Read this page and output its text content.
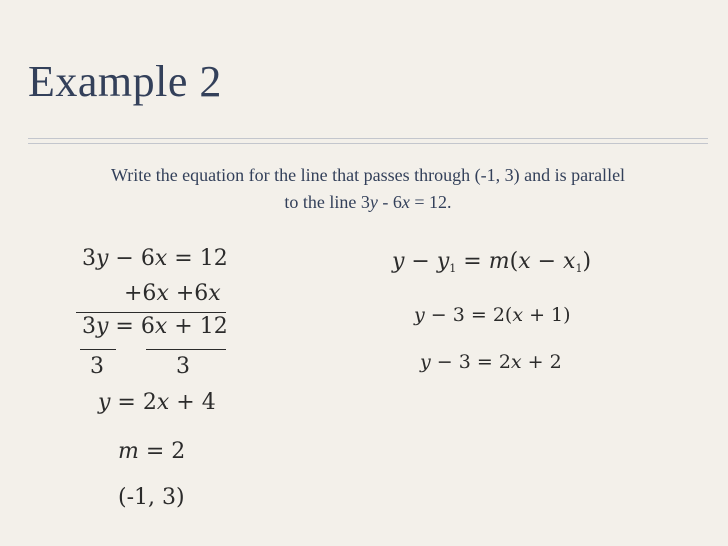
Example 2
Write the equation for the line that passes through (-1, 3) and is parallel
to the line 3y - 6x = 12.
3y − 6x = 12
+6x +6x
3y = 6x + 12
3	3
y = 2x + 4
m = 2
(-1, 3)
$y - y_1 = m(x - x_1)$
y − 3 = 2(x + 1)
y − 3 = 2x + 2
